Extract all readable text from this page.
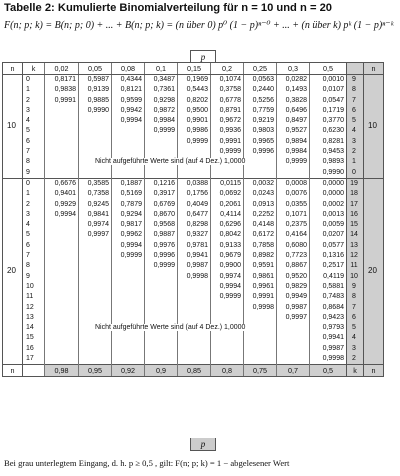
Tabelle 2: Kumulierte Binomialverteilung für n = 10 und n = 20
F(n; p; k) = B(n; p; 0) + ... + B(n; p; k) = (n über 0) p⁰ (1 − p)ⁿ⁻⁰ + ... + (n über k) pᵏ (1 − p)ⁿ⁻ᵏ
p
n	k	0,02	0,05	0,08	0,1	0,15	0,2	0,25	0,3	0,5		n
10	0	0,8171	0,5987	0,4344	0,3487	0,1969	0,1074	0,0563	0,0282	0,0010	9	10
	1	0,9838	0,9139	0,8121	0,7361	0,5443	0,3758	0,2440	0,1493	0,0107	8	
	2	0,9991	0,9885	0,9599	0,9298	0,8202	0,6778	0,5256	0,3828	0,0547	7	
	3		0,9990	0,9942	0,9872	0,9500	0,8791	0,7759	0,6496	0,1719	6	
	4			0,9994	0,9984	0,9901	0,9672	0,9219	0,8497	0,3770	5	
	5				0,9999	0,9986	0,9936	0,9803	0,9527	0,6230	4	
	6					0,9999	0,9991	0,9965	0,9894	0,8281	3	
	7						0,9999	0,9996	0,9984	0,9453	2	
	8								0,9999	0,9893	1	
	9									0,9990	0	
20	0	0,6676	0,3585	0,1887	0,1216	0,0388	0,0115	0,0032	0,0008	0,0000	19	20
	1	0,9401	0,7358	0,5169	0,3917	0,1756	0,0692	0,0243	0,0076	0,0000	18	
	2	0,9929	0,9245	0,7879	0,6769	0,4049	0,2061	0,0913	0,0355	0,0002	17	
	3	0,9994	0,9841	0,9294	0,8670	0,6477	0,4114	0,2252	0,1071	0,0013	16	
	4		0,9974	0,9817	0,9568	0,8298	0,6296	0,4148	0,2375	0,0059	15	
	5		0,9997	0,9962	0,9887	0,9327	0,8042	0,6172	0,4164	0,0207	14	
	6			0,9994	0,9976	0,9781	0,9133	0,7858	0,6080	0,0577	13	
	7			0,9999	0,9996	0,9941	0,9679	0,8982	0,7723	0,1316	12	
	8				0,9999	0,9987	0,9900	0,9591	0,8867	0,2517	11	
	9					0,9998	0,9974	0,9861	0,9520	0,4119	10	
	10						0,9994	0,9961	0,9829	0,5881	9	
	11						0,9999	0,9991	0,9949	0,7483	8	
	12							0,9998	0,9987	0,8684	7	
	13								0,9997	0,9423	6	
	14									0,9793	5	
	15									0,9941	4	
	16									0,9987	3	
	17									0,9998	2	
n		0,98	0,95	0,92	0,9	0,85	0,8	0,75	0,7	0,5	k	n
p
Bei grau unterlegtem Eingang, d. h. p ≥ 0,5 , gilt: F(n; p; k) = 1 − abgelesener Wert
Nicht aufgeführte Werte sind (auf 4 Dez.) 1,0000
Nicht aufgeführte Werte sind (auf 4 Dez.) 1,0000
